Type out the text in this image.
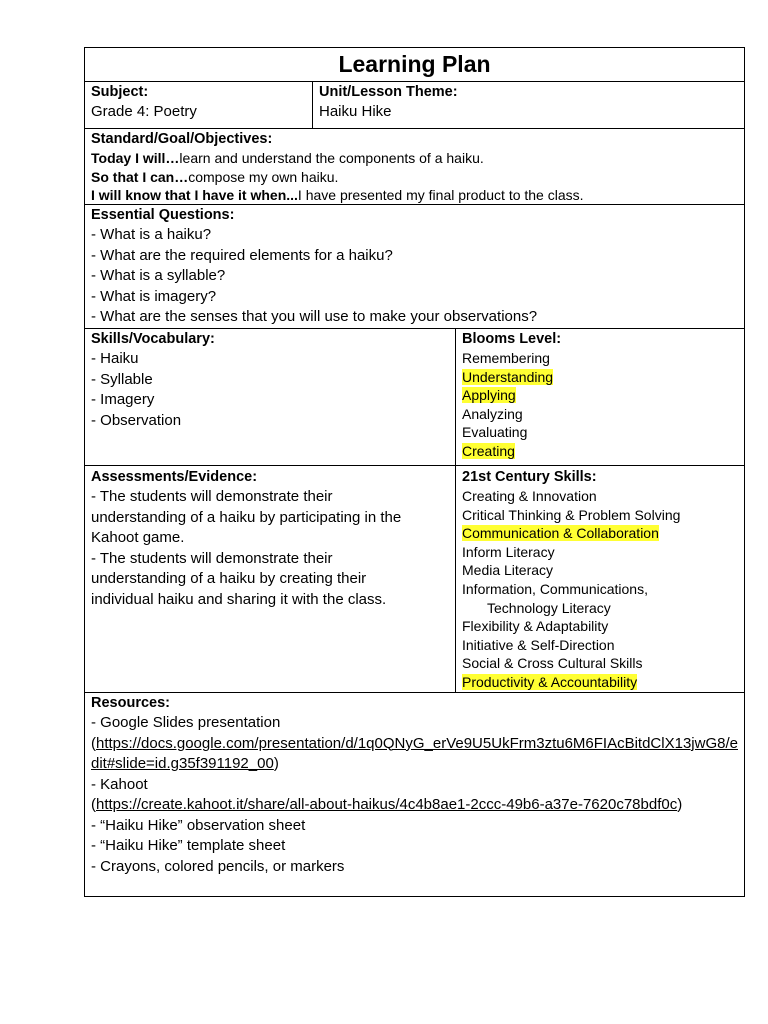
Learning Plan
Subject:
Grade 4: Poetry
Unit/Lesson Theme:
Haiku Hike
Standard/Goal/Objectives:
Today I will…learn and understand the components of a haiku.
So that I can…compose my own haiku.
I will know that I have it when...I have presented my final product to the class.
Essential Questions:
- What is a haiku?
- What are the required elements for a haiku?
- What is a syllable?
- What is imagery?
- What are the senses that you will use to make your observations?
Skills/Vocabulary:
- Haiku
- Syllable
- Imagery
- Observation
Blooms Level:
Remembering
Understanding
Applying
Analyzing
Evaluating
Creating
Assessments/Evidence:
- The students will demonstrate their
understanding of a haiku by participating in the
Kahoot game.
- The students will demonstrate their
understanding of a haiku by creating their
individual haiku and sharing it with the class.
21st Century Skills:
Creating & Innovation
Critical Thinking & Problem Solving
Communication & Collaboration
Inform Literacy
Media Literacy
Information, Communications,
Technology Literacy
Flexibility & Adaptability
Initiative & Self-Direction
Social & Cross Cultural Skills
Productivity & Accountability
Resources:
- Google Slides presentation
(https://docs.google.com/presentation/d/1q0QNyG_erVe9U5UkFrm3ztu6M6FIAcBitdClX13jwG8/edit#slide=id.g35f391192_00)
- Kahoot
(https://create.kahoot.it/share/all-about-haikus/4c4b8ae1-2ccc-49b6-a37e-7620c78bdf0c)
- “Haiku Hike” observation sheet
- “Haiku Hike” template sheet
- Crayons, colored pencils, or markers
